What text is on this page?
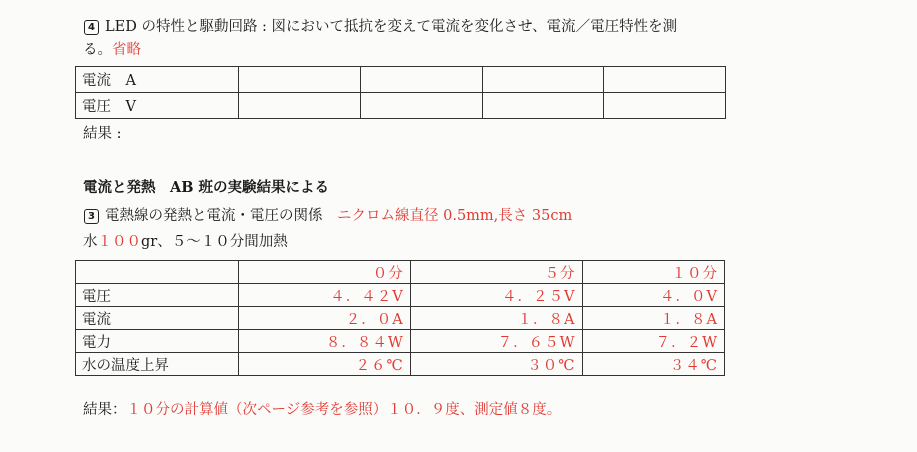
4 LED の特性と駆動回路 : 図において抵抗を変えて電流を変化させ、電流／電圧特性を測
る。省略
電流　A				
電圧　V				
結果 :
電流と発熱　AB 班の実験結果による
3 電熱線の発熱と電流・電圧の関係　 ニクロム線直径 0.5mm,長さ 35cm
水１００gr、５～１０分間加熱
	０分	５分	１０分
電圧	４．４２V	４．２５V	４．０V
電流	２．０A	１．８A	１．８A
電力	８．８４W	７．６５W	７．２W
水の温度上昇	２６℃	３０℃	３４℃
結果：１０分の計算値（次ページ参考を参照）１０．９度、測定値８度。
